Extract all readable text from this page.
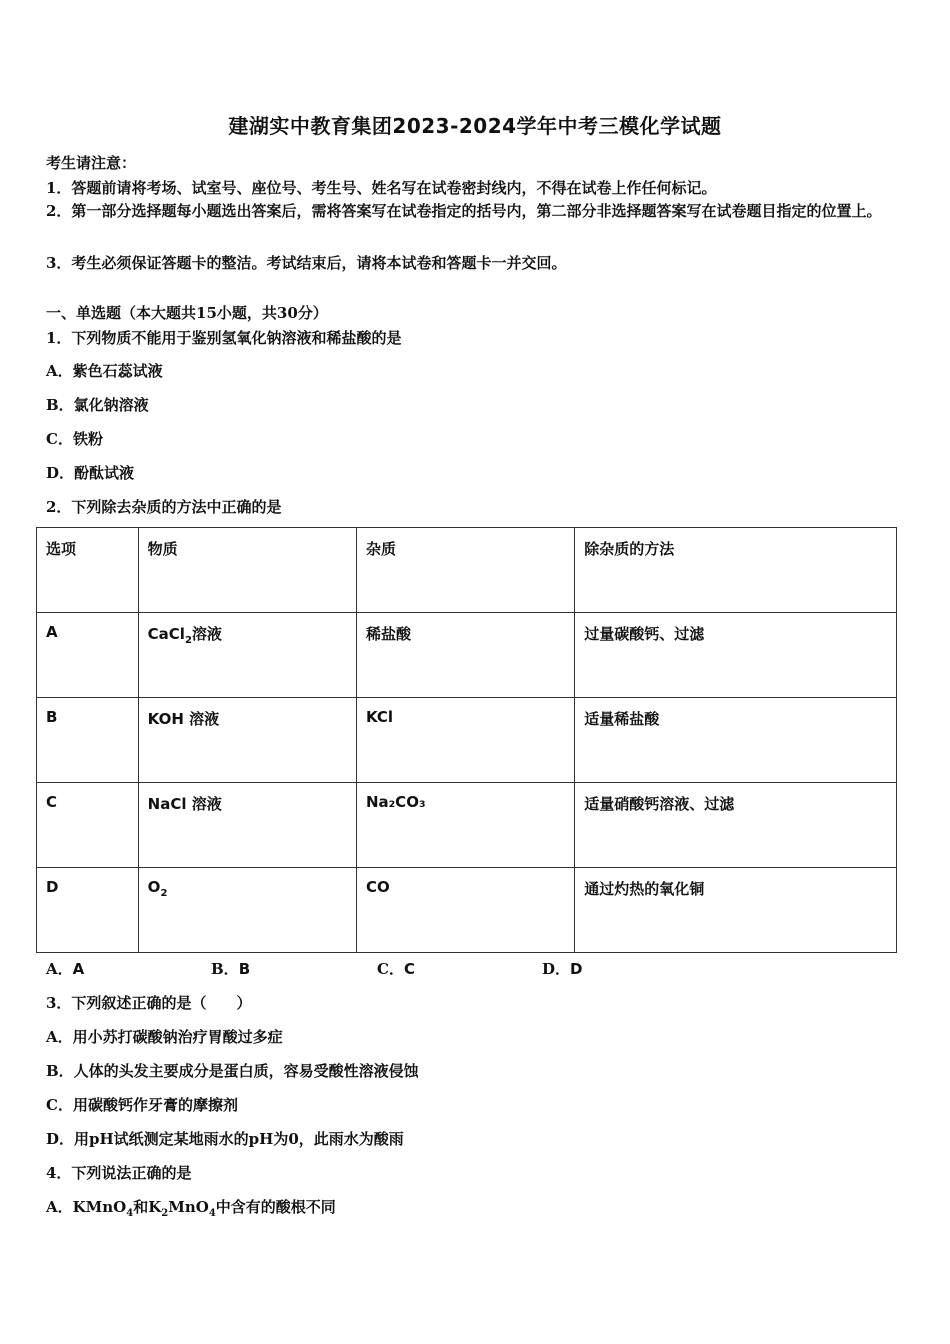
建湖实中教育集团2023-2024学年中考三模化学试题
考生请注意：
1．答题前请将考场、试室号、座位号、考生号、姓名写在试卷密封线内，不得在试卷上作任何标记。
2．第一部分选择题每小题选出答案后，需将答案写在试卷指定的括号内，第二部分非选择题答案写在试卷题目指定的位置上。
3．考生必须保证答题卡的整洁。考试结束后，请将本试卷和答题卡一并交回。
一、单选题（本大题共15小题，共30分）
1．下列物质不能用于鉴别氢氧化钠溶液和稀盐酸的是
A．紫色石蕊试液
B．氯化钠溶液
C．铁粉
D．酚酞试液
2．下列除去杂质的方法中正确的是
选项	物质	杂质	除杂质的方法
A	CaCl$_2$溶液	稀盐酸	过量碳酸钙、过滤
B	KOH 溶液	KCl	适量稀盐酸
C	NaCl 溶液	Na₂CO₃	适量硝酸钙溶液、过滤
D	$O_2$	CO	通过灼热的氧化铜
A．A	B．B	C．C	D．D
3．下列叙述正确的是（　　）
A．用小苏打碳酸钠治疗胃酸过多症
B．人体的头发主要成分是蛋白质，容易受酸性溶液侵蚀
C．用碳酸钙作牙膏的摩擦剂
D．用pH试纸测定某地雨水的pH为0，此雨水为酸雨
4．下列说法正确的是
A．KMnO$_4$和$K_2MnO_4$中含有的酸根不同
